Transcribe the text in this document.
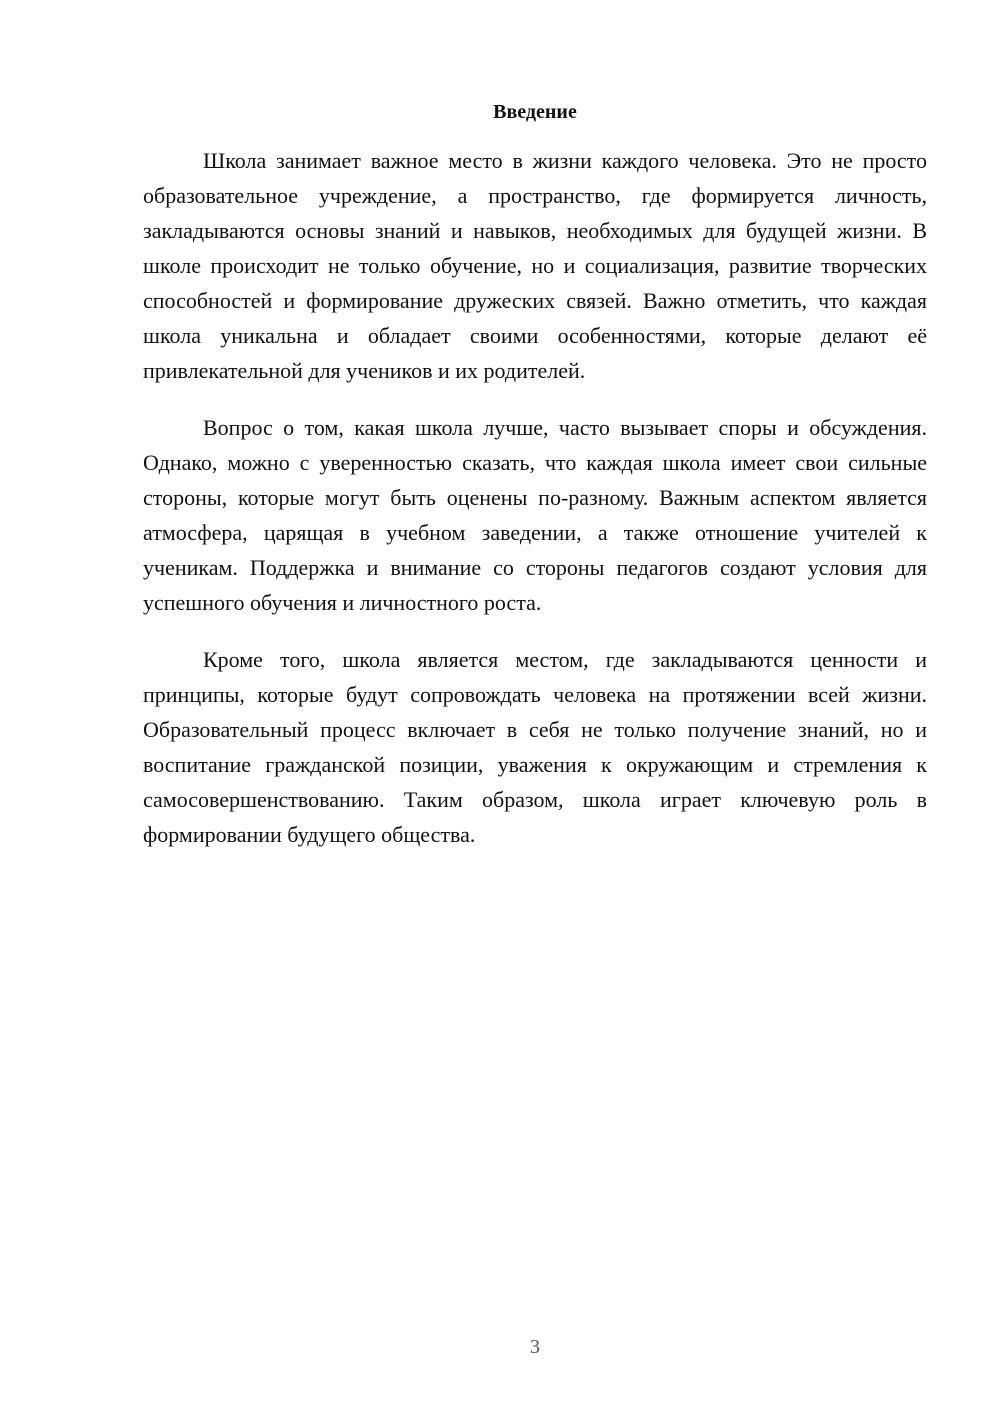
Введение

Школа занимает важное место в жизни каждого человека. Это не просто образовательное учреждение, а пространство, где формируется личность, закладываются основы знаний и навыков, необходимых для будущей жизни. В школе происходит не только обучение, но и социализация, развитие творческих способностей и формирование дружеских связей. Важно отметить, что каждая школа уникальна и обладает своими особенностями, которые делают её привлекательной для учеников и их родителей.

Вопрос о том, какая школа лучше, часто вызывает споры и обсуждения. Однако, можно с уверенностью сказать, что каждая школа имеет свои сильные стороны, которые могут быть оценены по-разному. Важным аспектом является атмосфера, царящая в учебном заведении, а также отношение учителей к ученикам. Поддержка и внимание со стороны педагогов создают условия для успешного обучения и личностного роста.

Кроме того, школа является местом, где закладываются ценности и принципы, которые будут сопровождать человека на протяжении всей жизни. Образовательный процесс включает в себя не только получение знаний, но и воспитание гражданской позиции, уважения к окружающим и стремления к самосовершенствованию. Таким образом, школа играет ключевую роль в формировании будущего общества.

3
